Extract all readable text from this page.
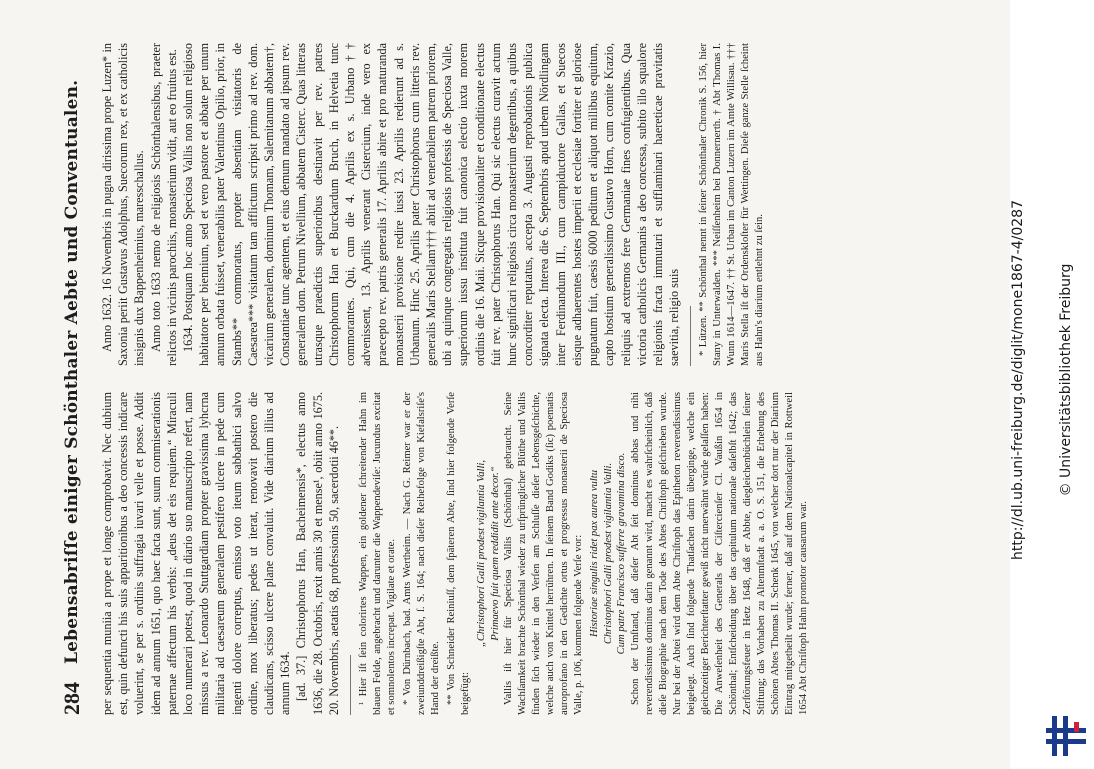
284
Lebensabriſſe einiger Schönthaler Aebte und Conventualen. per sequentia muniia a prope et longe comprobavit. Nec dubium est, quin defuncti his suis apparitionibus a deo concessis indicare voluerint, se per s. ordinis suffragia iuvari velle et posse. Addit idem ad annum 1651, quo haec facta sunt, suum commiserationis paternae affectum his verbis: „deus det eis requiem.“ Miraculi loco numerari potest, quod in diario suo manuscripto refert, nam missus a rev. Leonardo Stuttgardiam propter gravissima lyhcrna militaria ad caesareum generalem pestifero ulcere in pede cum ingenti dolore correptus, emisso voto iteum sabbathici salvo ordine, mox liberatus; pedes ut iterat, renovavit postero die claudicans, scisso ulcere plane convaluit. Vide diarium illius ad annum 1634. [ad. 37.] Christophorus Han, Bacheimensis*, electus anno 1636, die 28. Octobris, rexit annis 30 et mense¹, obiit anno 1675. 20. Novembris, aetatis 68, professionis 50, sacerdotii 46**. ¹ Hier iſt ſein colorirtes Wappen, ein goldener ſchreitender Hahn im blauen Felde, angebracht und darunter die Wappendeviſe: Jucundus excitat et somnolentos increpat. Vigilate et orate. * Von Dürnbach, bad. Amts Wertheim. — Nach G. Reimer war er der zweiunddreißigſte Abt, ſ. S. 164; nach dieſer Reihefolge von Kiefalsriſe's Hand der dreißte. ** Von Schneider Reiniuſſ, dem ſpäteren Abte, ſind hier folgende Verſe beigefügt:

„Christophorí Galli prodest vigilantia Valli, Primaevo fuit quem reddidit ante decor.“ Vallis iſt hier für Speciosa Vallis (Schönthal) gebraucht. Seine Wachſamkeit brachte Schönthal wieder zu urſprünglicher Blüthe und Vallis finden ſich wieder in den Verſen am Schluſſe dieſer Lebensgeſchichte, welche auch von Knittel herrühren. In ſeinem Band Godiks (ſic) poematis auroprofano in den Gedichte ortus et progressus monasterii de Speciosa Valle, p. 106, kommen folgende Verſe vor: Historiae singulis ridet pax aurea vultu Christophori Galli prodest vigilantia Valli. Cum patre Francisco sufferre gravamina disco. Schon der Umſtand, daß dieſer Abt ſeit dominus abbas und nihi reverendissimus dominus darin genannt wird, macht es wahrſcheinlich, daß dieſe Biographie nach dem Tode des Abtes Chriſtoph geſchrieben wurde. Nur bei der Abtei wird dem Abte Chriſtoph das Epitheton reverendissimus beigelegt. Auch ſind folgende Thatſachen darin überginge, welche ein gleichzeitiger Berichterſtatter gewiß nicht unerwähnt würde gelaſſen haben: Die Anweſenheit des Generals der Ciſtercienſer Cl. Vaußin 1654 in Schönthal; Entſcheidung über das capitulum nationale daſelbſt 1642; das Zerſtörungsfeuer in Hetz 1648, daß er Abbte, diegleichenbüchlein ſeiner Stiftung; das Vorhaben zu Altenmſtadt a. a. O. S. 151, die Erhebung des Schönen Abtes Thomas II. Schenk 1645, von welcher dort nur der Diarium Eintrag mitgetheilt wurde; ferner, daß auf dem Nationalcapitel in Rottweil 1654 Abt Chriſtoph Hahn promotor causarum war.

Anno 1632. 16 Novembris in pugna dirissima prope Luzen* in Saxonia periit Gustavus Adolphus, Suecorum rex, et ex catholicis insignis dux Bappenheimius, maresschallus. Anno toto 1633 nemo de religiosis Schönthalensibus, praeter relictos in vicinis parochiis, monasterium vidit, aut eo fruitus est. 1634. Postquam hoc anno Speciosa Vallis non solum religioso habitatore per biennium, sed et vero pastore et abbate per unum annum orbata fuisset, venerabilis pater Valentinus Opilio, prior, in Stambs** commoratus, propter absentiam visitatoris de Caesarea*** visitatum tam afflictum scripsit primo ad rev. dom. vicarium generalem, dominum Thomam, Salemitanum abbatem†, Constantiae tunc agentem, et eius demum mandato ad ipsum rev. generalem dom. Petrum Nivellium, abbatem Cisterc. Quas litteras utrasque praedictis superioribus destinavit per rev. patres Christophorum Han et Burckardum Bruch, in Helvetia tunc commorantes. Qui, cum die 4. Aprilis ex s. Urbano†† advenissent, 13. Aprilis venerant Cistercium, inde vero ex praecepto rev. patris generalis 17. Aprilis abire et pro maturanda monasterii provisione redire iussi 23. Aprilis redierunt ad s. Urbanum. Hinc 25. Aprilis pater Christophorus cum litteris rev. generalis Maris Stellam††† abiit ad venerabilem patrem priorem, ubi a quinque congregatis religiosis professis de Speciosa Valle, superiorum iussu instituta fuit canonica electio iuxta morem ordinis die 16. Maii. Sicque provisionaliter et conditionate electus fuit rev. pater Christophorus Han. Qui sic electus curavit actum hunc significari religiosis circa monasterium degentibus, a quibus concorditer reputatus, accepta 3. Augusti reprobationis publica signata electa. Interea die 6. Septembris apud urbem Nördlingam inter Ferdinandum III., cum campiductore Gallas, et Suecos eisque adhaerentes hostes imperii et ecclesiae fortiter et gloriose pugnatum fuit, caesis 6000 peditum et aliquot millibus equitum, capto hostium generalissimo Gustavo Horn, cum comite Krazio, reliquis ad extremos fere Germaniae fines confugientibus. Qua victoria catholicis Germanis a deo concessa, subito illo squalore religionis fracta immutari et sufflaminari haereticae pravitatis saevitia, religio suis * Lützen. ** Schönthal nennt in ſeiner Schönthaler Chronik S. 156, hier Stany in Unterwalden. *** Neiſſenheim bei Donnernerth. † Abt Thomas I. Wunn 1614—1647. †† St. Urban im Canton Luzern im Amte Willisau. ††† Maris Stella iſt der Ordenskloſter für Wettingen. Dieſe ganze Stelle ſcheint aus Hahn's diarium entlehnt zu ſein.	http://dl.ub.uni-freiburg.de/diglit/mone1867-4/0287 © Universitätsbibliothek Freiburg
